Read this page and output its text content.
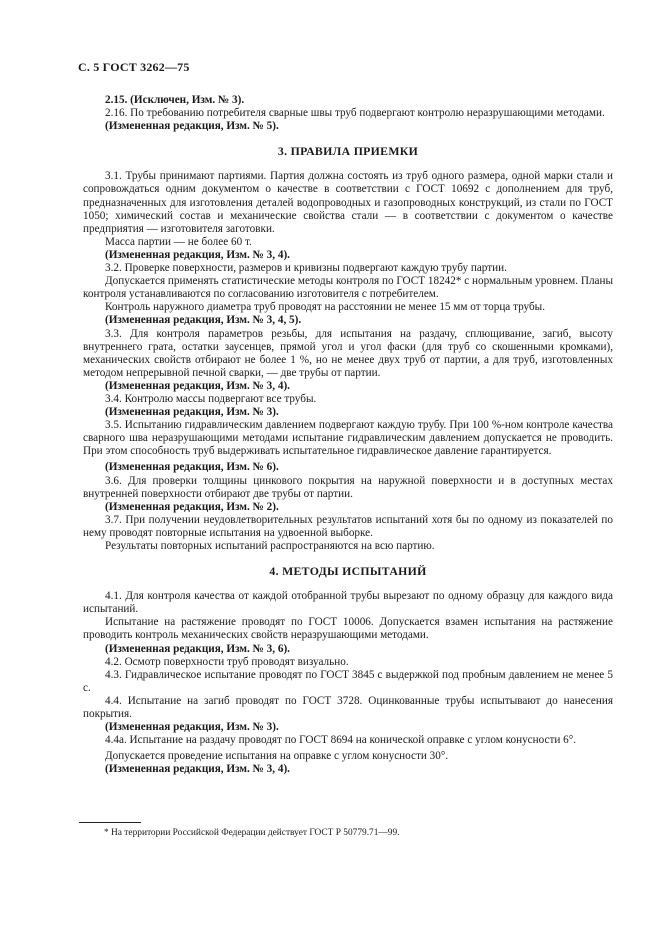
С. 5 ГОСТ 3262—75

2.15. (Исключен, Изм. № 3).

2.16. По требованию потребителя сварные швы труб подвергают контролю неразрушающими методами.

(Измененная редакция, Изм. № 5).

3. ПРАВИЛА ПРИЕМКИ

3.1. Трубы принимают партиями. Партия должна состоять из труб одного размера, одной марки стали и сопровождаться одним документом о качестве в соответствии с ГОСТ 10692 с дополнением для труб, предназначенных для изготовления деталей водопроводных и газопроводных конструкций, из стали по ГОСТ 1050; химический состав и механические свойства стали — в соответствии с документом о качестве предприятия — изготовителя заготовки.

Масса партии — не более 60 т.

(Измененная редакция, Изм. № 3, 4).

3.2. Проверке поверхности, размеров и кривизны подвергают каждую трубу партии.

Допускается применять статистические методы контроля по ГОСТ 18242* с нормальным уровнем. Планы контроля устанавливаются по согласованию изготовителя с потребителем.

Контроль наружного диаметра труб проводят на расстоянии не менее 15 мм от торца трубы.

(Измененная редакция, Изм. № 3, 4, 5).

3.3. Для контроля параметров резьбы, для испытания на раздачу, сплющивание, загиб, высоту внутреннего грата, остатки заусенцев, прямой угол и угол фаски (для труб со скошенными кромками), механических свойств отбирают не более 1 %, но не менее двух труб от партии, а для труб, изготовленных методом непрерывной печной сварки, — две трубы от партии.

(Измененная редакция, Изм. № 3, 4).

3.4. Контролю массы подвергают все трубы.

(Измененная редакция, Изм. № 3).

3.5. Испытанию гидравлическим давлением подвергают каждую трубу. При 100 %-ном контроле качества сварного шва неразрушающими методами испытание гидравлическим давлением допускается не проводить. При этом способность труб выдерживать испытательное гидравлическое давление гарантируется.

(Измененная редакция, Изм. № 6).

3.6. Для проверки толщины цинкового покрытия на наружной поверхности и в доступных местах внутренней поверхности отбирают две трубы от партии.

(Измененная редакция, Изм. № 2).

3.7. При получении неудовлетворительных результатов испытаний хотя бы по одному из показателей по нему проводят повторные испытания на удвоенной выборке.

Результаты повторных испытаний распространяются на всю партию.

4. МЕТОДЫ ИСПЫТАНИЙ

4.1. Для контроля качества от каждой отобранной трубы вырезают по одному образцу для каждого вида испытаний.

Испытание на растяжение проводят по ГОСТ 10006. Допускается взамен испытания на растяжение проводить контроль механических свойств неразрушающими методами.

(Измененная редакция, Изм. № 3, 6).

4.2. Осмотр поверхности труб проводят визуально.

4.3. Гидравлическое испытание проводят по ГОСТ 3845 с выдержкой под пробным давлением не менее 5 с.

4.4. Испытание на загиб проводят по ГОСТ 3728. Оцинкованные трубы испытывают до нанесения покрытия.

(Измененная редакция, Изм. № 3).

4.4а. Испытание на раздачу проводят по ГОСТ 8694 на конической оправке с углом конусности 6°.

Допускается проведение испытания на оправке с углом конусности 30°.

(Измененная редакция, Изм. № 3, 4).

* На территории Российской Федерации действует ГОСТ Р 50779.71—99.
